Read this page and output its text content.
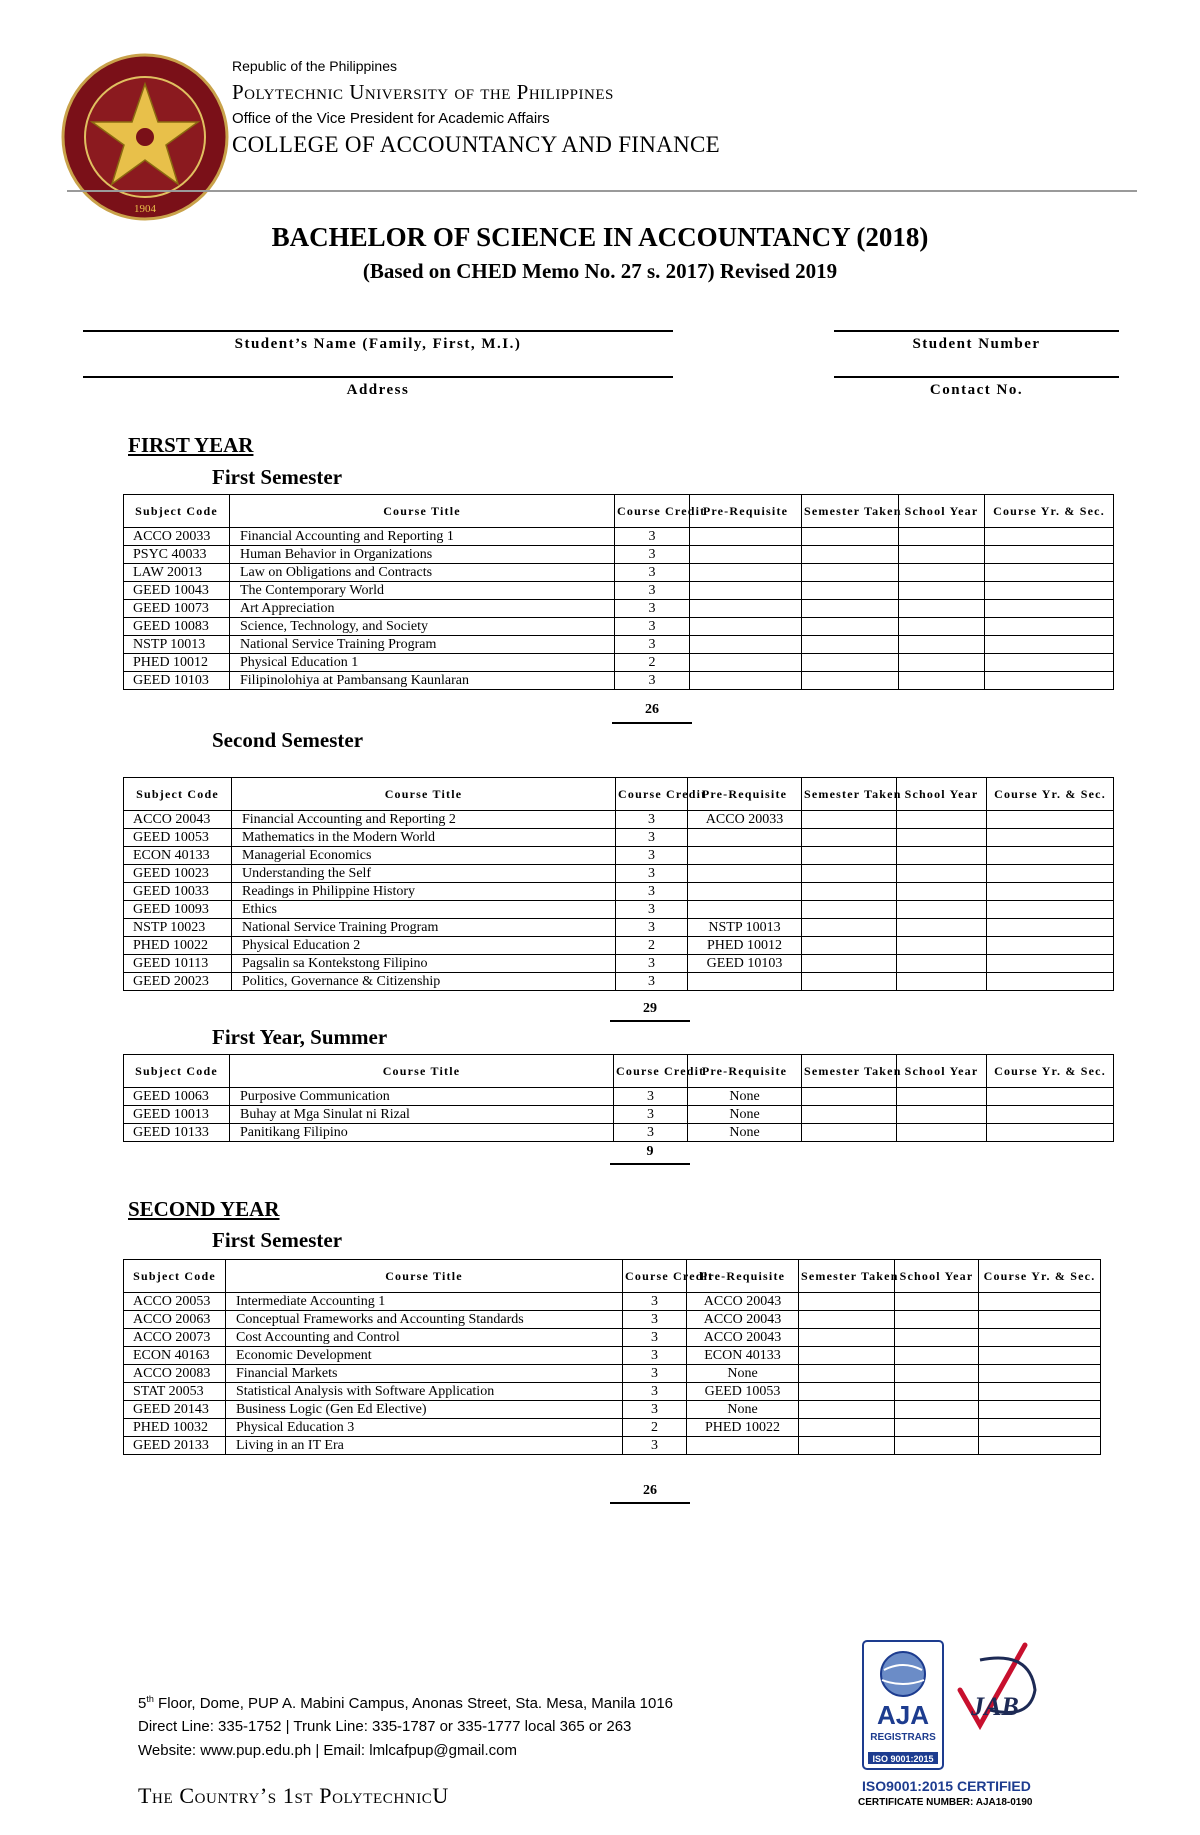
1904
Republic of the Philippines
Polytechnic University of the Philippines
Office of the Vice President for Academic Affairs
COLLEGE OF ACCOUNTANCY AND FINANCE
BACHELOR OF SCIENCE IN ACCOUNTANCY (2018)
(Based on CHED Memo No. 27 s. 2017) Revised 2019
Student’s Name (Family, First, M.I.)	Student Number
Address	Contact No.
FIRST YEAR
First Semester
Subject Code	Course Title	Course Credit	Pre-Requisite	Semester Taken	School Year	Course Yr. & Sec.
ACCO 20033	Financial Accounting and Reporting 1	3				
PSYC 40033	Human Behavior in Organizations	3				
LAW 20013	Law on Obligations and Contracts	3				
GEED 10043	The Contemporary World	3				
GEED 10073	Art Appreciation	3				
GEED 10083	Science, Technology, and Society	3				
NSTP 10013	National Service Training Program	3				
PHED 10012	Physical Education 1	2				
GEED 10103	Filipinolohiya at Pambansang Kaunlaran	3				
26
Second Semester
Subject Code	Course Title	Course Credit	Pre-Requisite	Semester Taken	School Year	Course Yr. & Sec.
ACCO 20043	Financial Accounting and Reporting 2	3	ACCO 20033			
GEED 10053	Mathematics in the Modern World	3				
ECON 40133	Managerial Economics	3				
GEED 10023	Understanding the Self	3				
GEED 10033	Readings in Philippine History	3				
GEED 10093	Ethics	3				
NSTP 10023	National Service Training Program	3	NSTP 10013			
PHED 10022	Physical Education 2	2	PHED 10012			
GEED 10113	Pagsalin sa Kontekstong Filipino	3	GEED 10103			
GEED 20023	Politics, Governance & Citizenship	3				
29
First Year, Summer
Subject Code	Course Title	Course Credit	Pre-Requisite	Semester Taken	School Year	Course Yr. & Sec.
GEED 10063	Purposive Communication	3	None			
GEED 10013	Buhay at Mga Sinulat ni Rizal	3	None			
GEED 10133	Panitikang Filipino	3	None			
9
SECOND YEAR
First Semester
Subject Code	Course Title	Course Credit	Pre-Requisite	Semester Taken	School Year	Course Yr. & Sec.
ACCO 20053	Intermediate Accounting 1	3	ACCO 20043			
ACCO 20063	Conceptual Frameworks and Accounting Standards	3	ACCO 20043			
ACCO 20073	Cost Accounting and Control	3	ACCO 20043			
ECON 40163	Economic Development	3	ECON 40133			
ACCO 20083	Financial Markets	3	None			
STAT 20053	Statistical Analysis with Software Application	3	GEED 10053			
GEED 20143	Business Logic (Gen Ed Elective)	3	None			
PHED 10032	Physical Education 3	2	PHED 10022			
GEED 20133	Living in an IT Era	3				
26
5th Floor, Dome, PUP A. Mabini Campus, Anonas Street, Sta. Mesa, Manila 1016
Direct Line: 335-1752 | Trunk Line: 335-1787 or 335-1777 local 365 or 263
Website: www.pup.edu.ph | Email: lmlcafpup@gmail.com
The Country’s 1st PolytechnicU
AJA
REGISTRARS
ISO 9001:2015
JAB
ISO9001:2015 CERTIFIED
CERTIFICATE NUMBER: AJA18-0190
